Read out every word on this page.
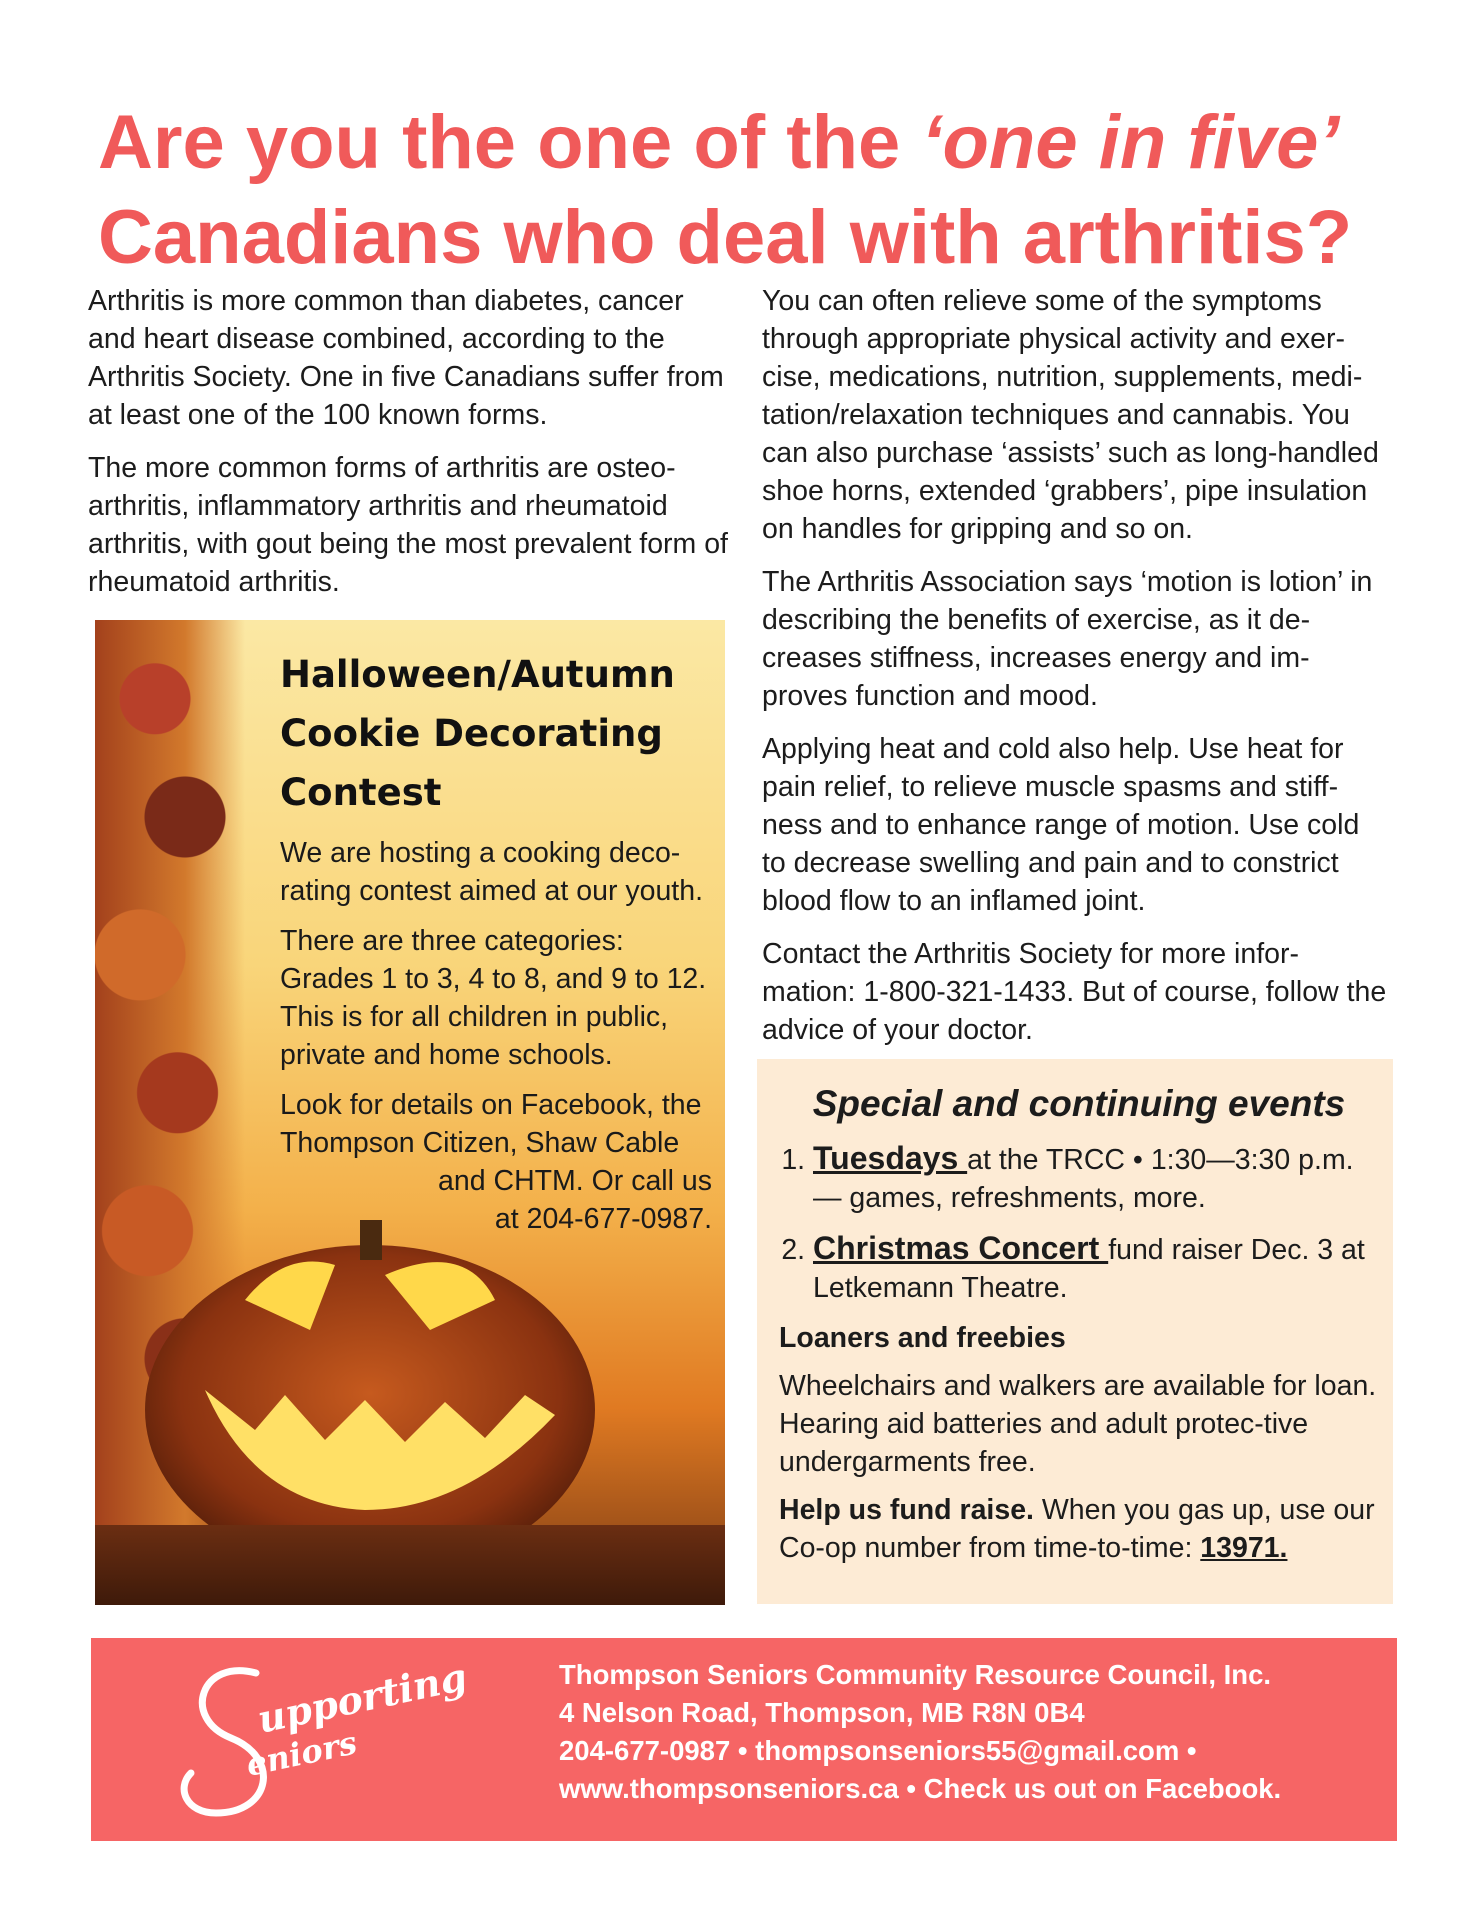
Are you the one of the ‘one in five’
Canadians who deal with arthritis?

Arthritis is more common than diabetes, cancer and heart disease combined, according to the Arthritis Society. One in five Canadians suffer from at least one of the 100 known forms.

The more common forms of arthritis are osteo-arthritis, inflammatory arthritis and rheumatoid arthritis, with gout being the most prevalent form of rheumatoid arthritis.

Halloween/Autumn
Cookie Decorating
Contest

We are hosting a cooking deco-rating contest aimed at our youth.

There are three categories: Grades 1 to 3, 4 to 8, and 9 to 12. This is for all children in public, private and home schools.

Look for details on Facebook, the Thompson Citizen, Shaw Cable

and CHTM. Or call us
at 204-677-0987.

You can often relieve some of the symptoms through appropriate physical activity and exer-cise, medications, nutrition, supplements, medi-tation/relaxation techniques and cannabis. You can also purchase ‘assists’ such as long-handled shoe horns, extended ‘grabbers’, pipe insulation on handles for gripping and so on.

The Arthritis Association says ‘motion is lotion’ in describing the benefits of exercise, as it de-creases stiffness, increases energy and im-proves function and mood.

Applying heat and cold also help. Use heat for pain relief, to relieve muscle spasms and stiff-ness and to enhance range of motion. Use cold to decrease swelling and pain and to constrict blood flow to an inflamed joint.

Contact the Arthritis Society for more infor-mation: 1-800-321-1433. But of course, follow the advice of your doctor.

Special and continuing events
1. Tuesdays at the TRCC • 1:30—3:30 p.m. — games, refreshments, more.
2. Christmas Concert fund raiser Dec. 3 at Letkemann Theatre.
Loaners and freebies

Wheelchairs and walkers are available for loan. Hearing aid batteries and adult protec-tive undergarments free.

Help us fund raise. When you gas up, use our Co-op number from time-to-time: 13971.

upporting
eniors
Thompson Seniors Community Resource Council, Inc.
4 Nelson Road, Thompson, MB R8N 0B4
204-677-0987 • thompsonseniors55@gmail.com •
www.thompsonseniors.ca • Check us out on Facebook.
